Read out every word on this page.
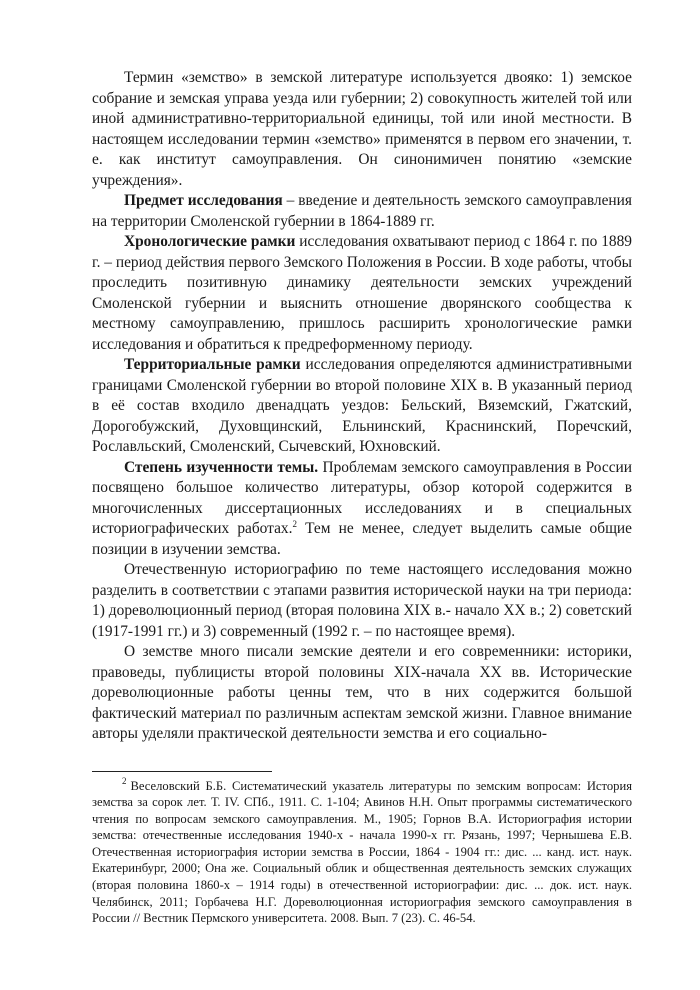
Термин «земство» в земской литературе используется двояко: 1) земское собрание и земская управа уезда или губернии; 2) совокупность жителей той или иной административно-территориальной единицы, той или иной местности. В настоящем исследовании термин «земство» применятся в первом его значении, т. е. как институт самоуправления. Он синонимичен понятию «земские учреждения».

Предмет исследования – введение и деятельность земского самоуправления на территории Смоленской губернии в 1864-1889 гг.

Хронологические рамки исследования охватывают период с 1864 г. по 1889 г. – период действия первого Земского Положения в России. В ходе работы, чтобы проследить позитивную динамику деятельности земских учреждений Смоленской губернии и выяснить отношение дворянского сообщества к местному самоуправлению, пришлось расширить хронологические рамки исследования и обратиться к предреформенному периоду.

Территориальные рамки исследования определяются административными границами Смоленской губернии во второй половине XIX в. В указанный период в её состав входило двенадцать уездов: Бельский, Вяземский, Гжатский, Дорогобужский, Духовщинский, Ельнинский, Краснинский, Поречский, Рославльский, Смоленский, Сычевский, Юхновский.

Степень изученности темы. Проблемам земского самоуправления в России посвящено большое количество литературы, обзор которой содержится в многочисленных диссертационных исследованиях и в специальных историографических работах.$^2$ Тем не менее, следует выделить самые общие позиции в изучении земства.

Отечественную историографию по теме настоящего исследования можно разделить в соответствии с этапами развития исторической науки на три периода: 1) дореволюционный период (вторая половина XIX в.- начало XX в.; 2) советский (1917-1991 гг.) и 3) современный (1992 г. – по настоящее время).

О земстве много писали земские деятели и его современники: историки, правоведы, публицисты второй половины XIX-начала XX вв. Исторические дореволюционные работы ценны тем, что в них содержится большой фактический материал по различным аспектам земской жизни. Главное внимание авторы уделяли практической деятельности земства и его социально-

$^2$ Веселовский Б.Б. Систематический указатель литературы по земским вопросам: История земства за сорок лет. Т. IV. СПб., 1911. С. 1-104; Авинов Н.Н. Опыт программы систематического чтения по вопросам земского самоуправления. М., 1905; Горнов В.А. Историография истории земства: отечественные исследования 1940-х - начала 1990-х гг. Рязань, 1997; Чернышева Е.В. Отечественная историография истории земства в России, 1864 - 1904 гг.: дис. ... канд. ист. наук. Екатеринбург, 2000; Она же. Социальный облик и общественная деятельность земских служащих (вторая половина 1860-х – 1914 годы) в отечественной историографии: дис. ... док. ист. наук. Челябинск, 2011; Горбачева Н.Г. Дореволюционная историография земского самоуправления в России // Вестник Пермского университета. 2008. Вып. 7 (23). С. 46-54.
